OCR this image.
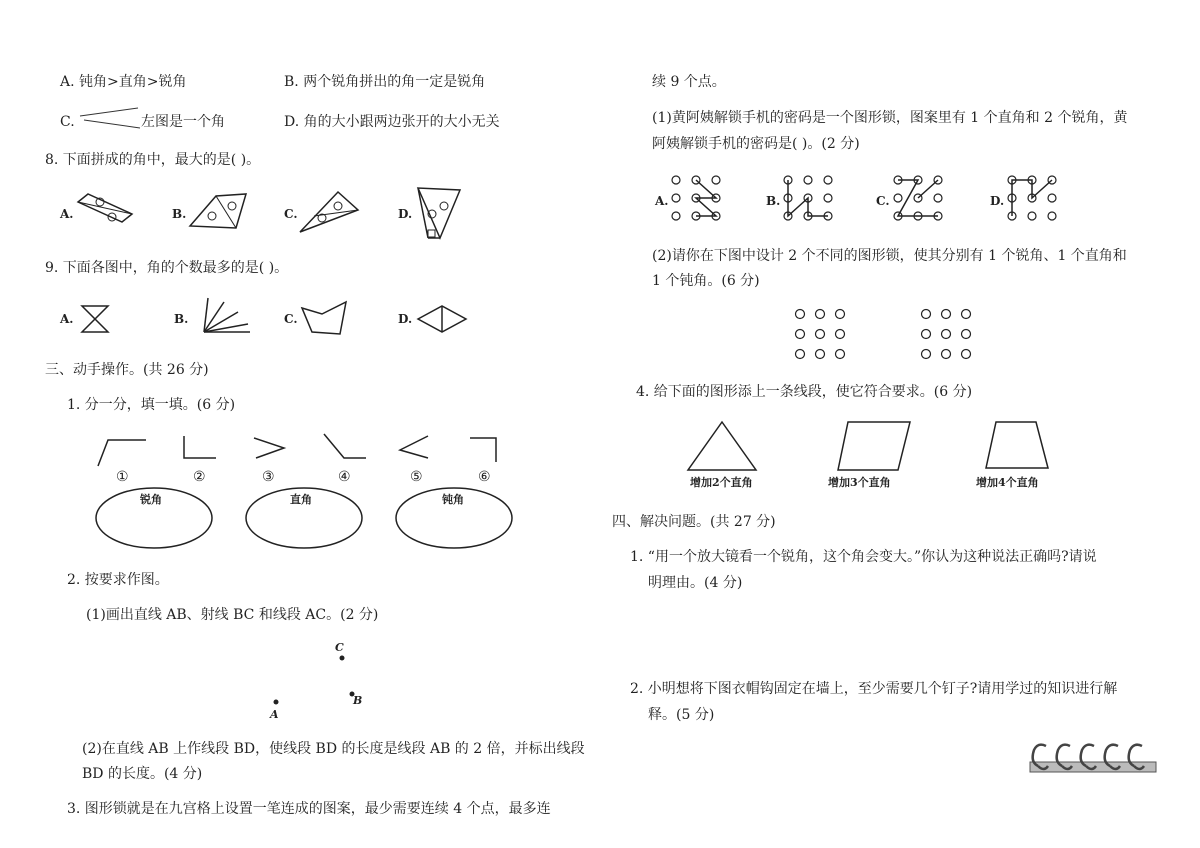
A. 钝角>直角>锐角	B. 两个锐角拼出的角一定是锐角
C.	左图是一个角	D. 角的大小跟两边张开的大小无关
8. 下面拼成的角中，最大的是( )。
A.	B.	C.	D.
9. 下面各图中，角的个数最多的是( )。
A.	B.	C.	D.
三、动手操作。(共 26 分)
1. 分一分，填一填。(6 分)
①	②	③	④	⑤	⑥
锐角	直角	钝角
2. 按要求作图。
(1)画出直线 AB、射线 BC 和线段 AC。(2 分)
C
B
A
(2)在直线 AB 上作线段 BD，使线段 BD 的长度是线段 AB 的 2 倍，并标出线段
BD 的长度。(4 分)
3. 图形锁就是在九宫格上设置一笔连成的图案，最少需要连续 4 个点，最多连
续 9 个点。
(1)黄阿姨解锁手机的密码是一个图形锁，图案里有 1 个直角和 2 个锐角，黄
阿姨解锁手机的密码是( )。(2 分)
A.	B.	C.	D.
(2)请你在下图中设计 2 个不同的图形锁，使其分别有 1 个锐角、1 个直角和
1 个钝角。(6 分)
4. 给下面的图形添上一条线段，使它符合要求。(6 分)
增加2个直角	增加3个直角	增加4个直角
四、解决问题。(共 27 分)
1. “用一个放大镜看一个锐角，这个角会变大。”你认为这种说法正确吗?请说
明理由。(4 分)
2. 小明想将下图衣帽钩固定在墙上，至少需要几个钉子?请用学过的知识进行解
释。(5 分)
